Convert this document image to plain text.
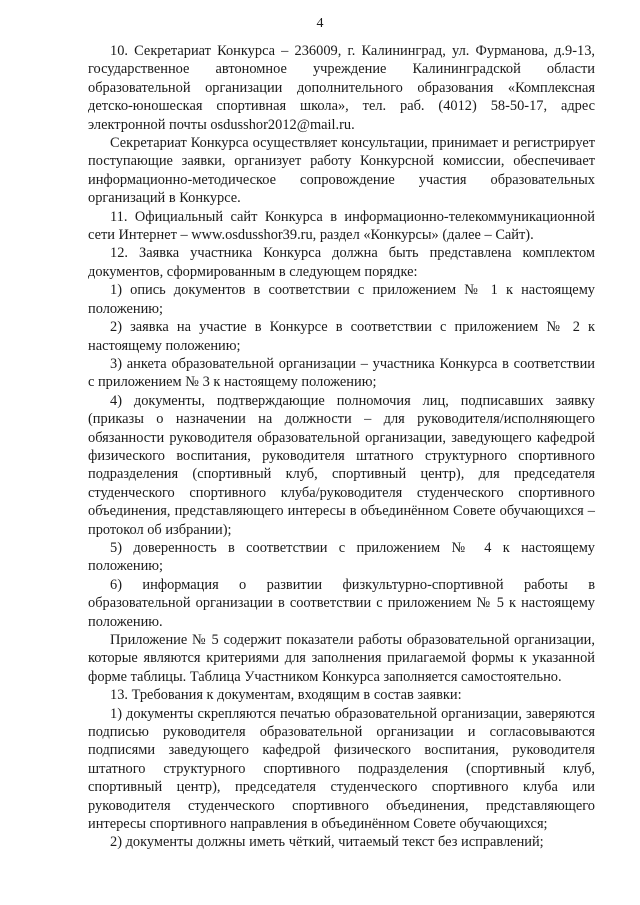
4

10. Секретариат Конкурса – 236009, г. Калининград, ул. Фурманова, д.9-13, государственное автономное учреждение Калининградской области образовательной организации дополнительного образования «Комплексная детско-юношеская спортивная школа», тел. раб. (4012) 58-50-17, адрес электронной почты osdusshor2012@mail.ru.

Секретариат Конкурса осуществляет консультации, принимает и регистрирует поступающие заявки, организует работу Конкурсной комиссии, обеспечивает информационно-методическое сопровождение участия образовательных организаций в Конкурсе.

11. Официальный сайт Конкурса в информационно-телекоммуникационной сети Интернет – www.osdusshor39.ru, раздел «Конкурсы» (далее – Сайт).

12. Заявка участника Конкурса должна быть представлена комплектом документов, сформированным в следующем порядке:

1) опись документов в соответствии с приложением № 1 к настоящему положению;

2) заявка на участие в Конкурсе в соответствии с приложением № 2 к настоящему положению;

3) анкета образовательной организации – участника Конкурса в соответствии с приложением № 3 к настоящему положению;

4) документы, подтверждающие полномочия лиц, подписавших заявку (приказы о назначении на должности – для руководителя/исполняющего обязанности руководителя образовательной организации, заведующего кафедрой физического воспитания, руководителя штатного структурного спортивного подразделения (спортивный клуб, спортивный центр), для председателя студенческого спортивного клуба/руководителя студенческого спортивного объединения, представляющего интересы в объединённом Совете обучающихся – протокол об избрании);

5) доверенность в соответствии с приложением № 4 к настоящему положению;

6) информация о развитии физкультурно-спортивной работы в образовательной организации в соответствии с приложением № 5 к настоящему положению.

Приложение № 5 содержит показатели работы образовательной организации, которые являются критериями для заполнения прилагаемой формы к указанной форме таблицы. Таблица Участником Конкурса заполняется самостоятельно.

13. Требования к документам, входящим в состав заявки:

1) документы скрепляются печатью образовательной организации, заверяются подписью руководителя образовательной организации и согласовываются подписями заведующего кафедрой физического воспитания, руководителя штатного структурного спортивного подразделения (спортивный клуб, спортивный центр), председателя студенческого спортивного клуба или руководителя студенческого спортивного объединения, представляющего интересы спортивного направления в объединённом Совете обучающихся;

2) документы должны иметь чёткий, читаемый текст без исправлений;
